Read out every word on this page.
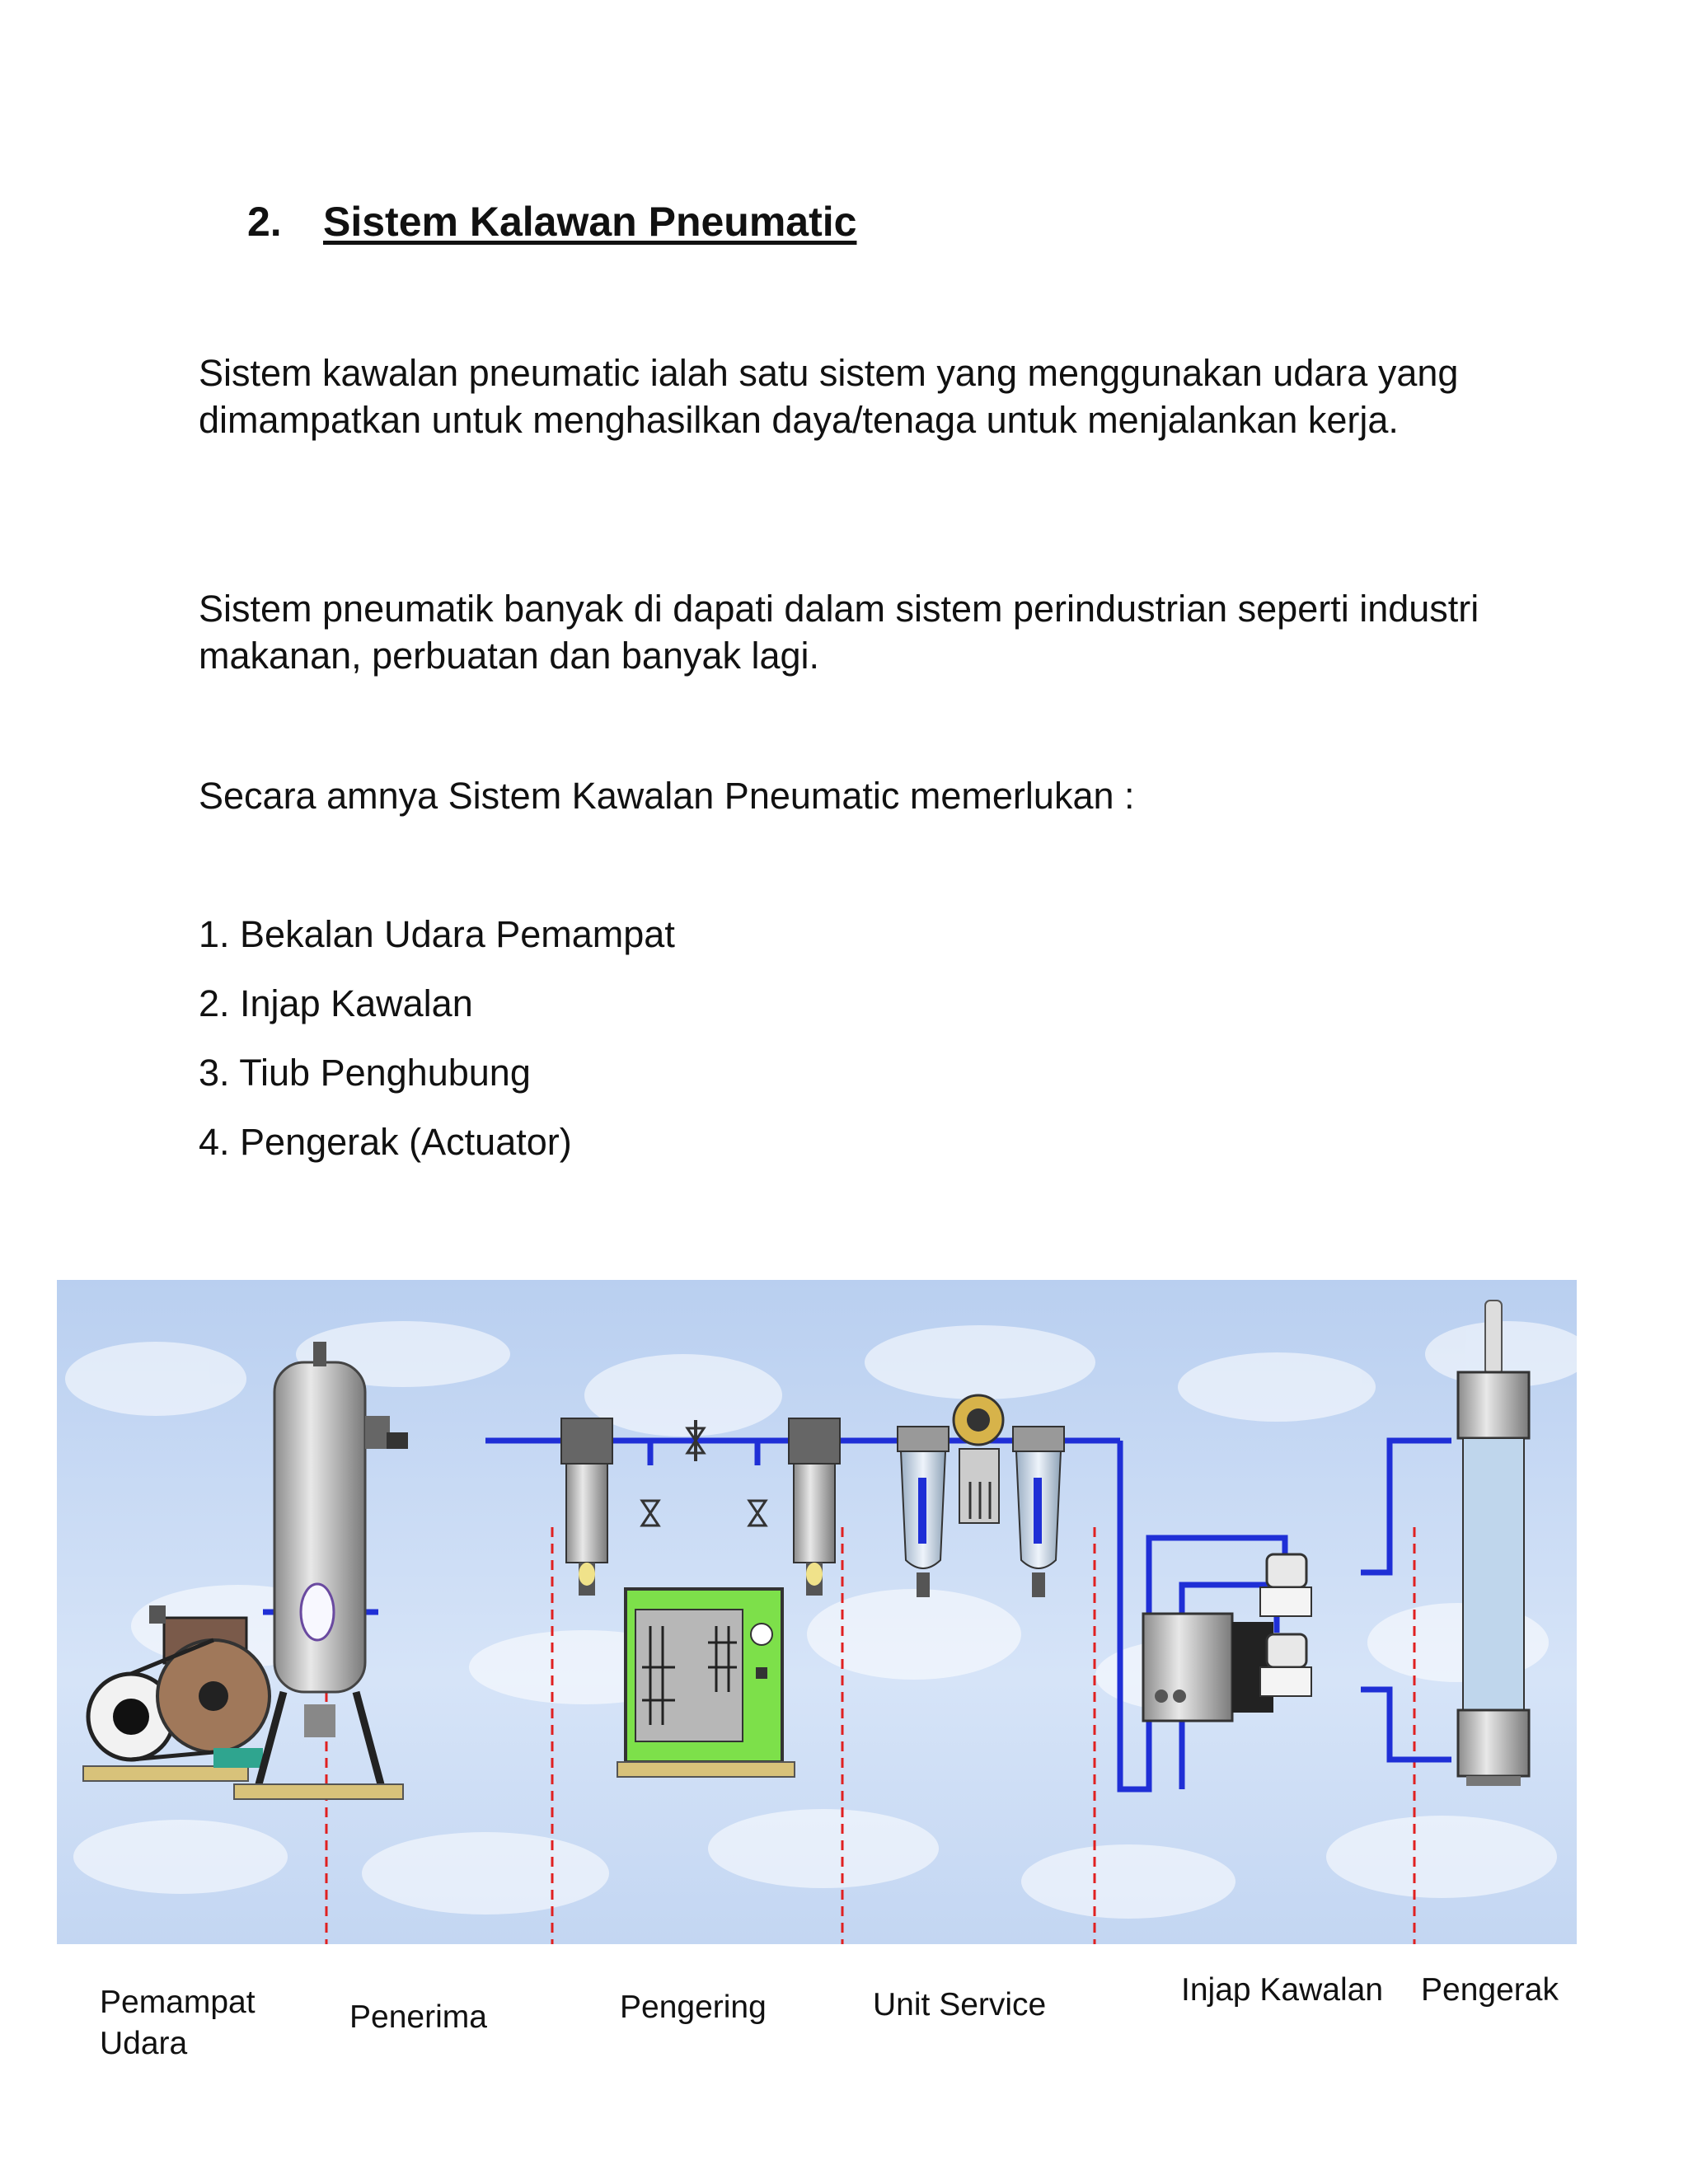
2. Sistem Kalawan Pneumatic

Sistem kawalan pneumatic ialah satu sistem yang menggunakan udara yang dimampatkan untuk menghasilkan daya/tenaga untuk menjalankan kerja.

Sistem pneumatik banyak di dapati dalam sistem perindustrian seperti industri makanan, perbuatan dan banyak lagi.

Secara amnya Sistem Kawalan Pneumatic memerlukan :

1. Bekalan Udara Pemampat
2. Injap Kawalan
3. Tiub Penghubung
4. Pengerak (Actuator)
Pemampat
Udara
Penerima	Pengering	Unit Service	Injap Kawalan Pengerak
